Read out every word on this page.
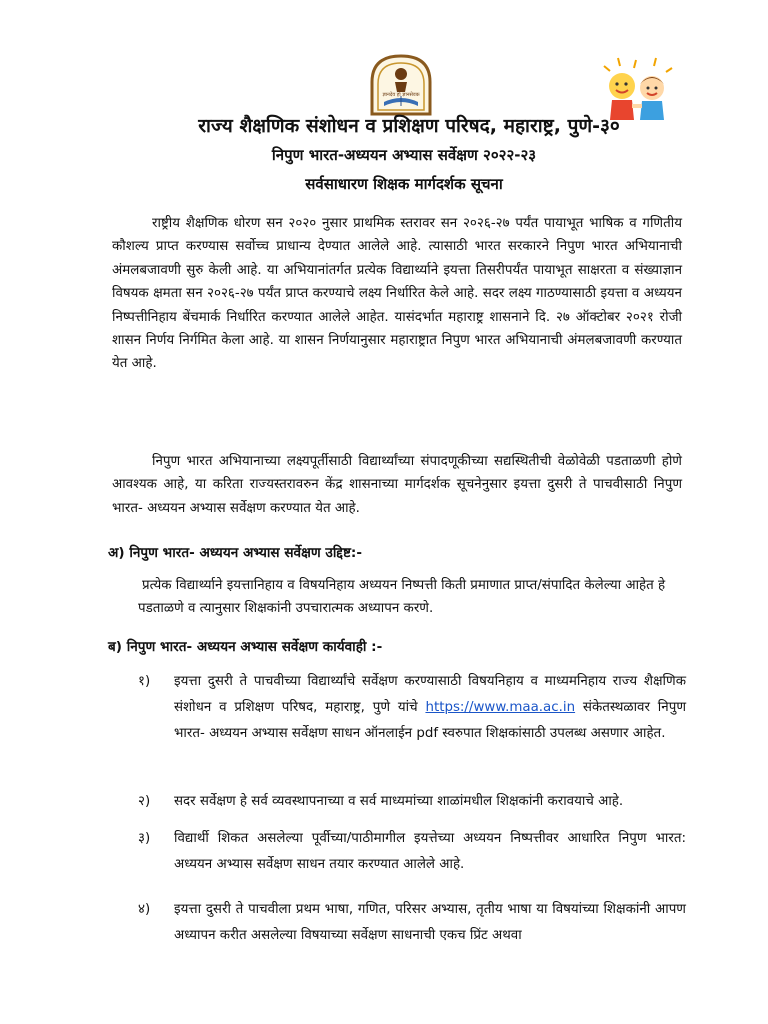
ज्ञानदेव हो ज्ञानसेवक
राज्य शैक्षणिक संशोधन व प्रशिक्षण परिषद, महाराष्ट्र, पुणे-३०
निपुण भारत-अध्ययन अभ्यास सर्वेक्षण २०२२-२३
सर्वसाधारण शिक्षक मार्गदर्शक सूचना
राष्ट्रीय शैक्षणिक धोरण सन २०२० नुसार प्राथमिक स्तरावर सन २०२६-२७ पर्यंत पायाभूत भाषिक व गणितीय कौशल्य प्राप्त करण्यास सर्वोच्च प्राधान्य देण्यात आलेले आहे. त्यासाठी भारत सरकारने निपुण भारत अभियानाची अंमलबजावणी सुरु केली आहे. या अभियानांतर्गत प्रत्येक विद्यार्थ्याने इयत्ता तिसरीपर्यंत पायाभूत साक्षरता व संख्याज्ञान विषयक क्षमता सन २०२६-२७ पर्यंत प्राप्त करण्याचे लक्ष्य निर्धारित केले आहे. सदर लक्ष्य गाठण्यासाठी इयत्ता व अध्ययन निष्पत्तीनिहाय बेंचमार्क निर्धारित करण्यात आलेले आहेत. यासंदर्भात महाराष्ट्र शासनाने दि. २७ ऑक्टोबर २०२१ रोजी शासन निर्णय निर्गमित केला आहे. या शासन निर्णयानुसार महाराष्ट्रात निपुण भारत अभियानाची अंमलबजावणी करण्यात येत आहे.
निपुण भारत अभियानाच्या लक्ष्यपूर्तीसाठी विद्यार्थ्यांच्या संपादणूकीच्या सद्यस्थितीची वेळोवेळी पडताळणी होणे आवश्यक आहे, या करिता राज्यस्तरावरुन केंद्र शासनाच्या मार्गदर्शक सूचनेनुसार इयत्ता दुसरी ते पाचवीसाठी निपुण भारत- अध्ययन अभ्यास सर्वेक्षण करण्यात येत आहे.
अ) निपुण भारत- अध्ययन अभ्यास सर्वेक्षण उद्दिष्ट:-
प्रत्येक विद्यार्थ्याने इयत्तानिहाय व विषयनिहाय अध्ययन निष्पत्ती किती प्रमाणात प्राप्त/संपादित केलेल्या आहेत हे पडताळणे व त्यानुसार शिक्षकांनी उपचारात्मक अध्यापन करणे.
ब) निपुण भारत- अध्ययन अभ्यास सर्वेक्षण कार्यवाही :-
१)	इयत्ता दुसरी ते पाचवीच्या विद्यार्थ्यांचे सर्वेक्षण करण्यासाठी विषयनिहाय व माध्यमनिहाय राज्य शैक्षणिक संशोधन व प्रशिक्षण परिषद, महाराष्ट्र, पुणे यांचे https://www.maa.ac.in संकेतस्थळावर निपुण भारत- अध्ययन अभ्यास सर्वेक्षण साधन ऑनलाईन pdf स्वरुपात शिक्षकांसाठी उपलब्ध असणार आहेत.
२)	सदर सर्वेक्षण हे सर्व व्यवस्थापनाच्या व सर्व माध्यमांच्या शाळांमधील शिक्षकांनी करावयाचे आहे.
३)	विद्यार्थी शिकत असलेल्या पूर्वीच्या/पाठीमागील इयत्तेच्या अध्ययन निष्पत्तीवर आधारित निपुण भारत: अध्ययन अभ्यास सर्वेक्षण साधन तयार करण्यात आलेले आहे.
४)	इयत्ता दुसरी ते पाचवीला प्रथम भाषा, गणित, परिसर अभ्यास, तृतीय भाषा या विषयांच्या शिक्षकांनी आपण अध्यापन करीत असलेल्या विषयाच्या सर्वेक्षण साधनाची एकच प्रिंट अथवा
